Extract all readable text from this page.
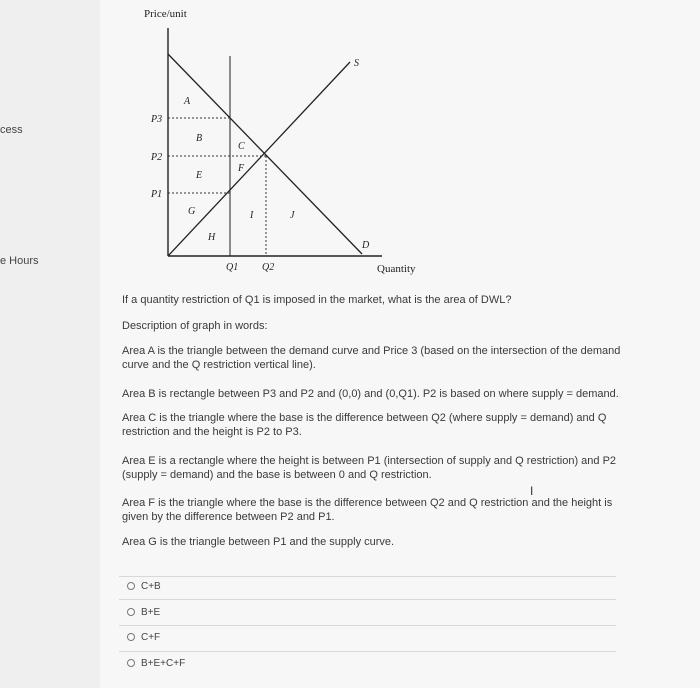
cess
e Hours
Price/unit
P3
P2
P1
Q1 Q2	Quantity
S
D
A
B
C
E
F
G
H
I	J

If a quantity restriction of Q1 is imposed in the market, what is the area of DWL?

Description of graph in words:

Area A is the triangle between the demand curve and Price 3 (based on the intersection of the demand curve and the Q restriction vertical line).

Area B is rectangle between P3 and P2 and (0,0) and (0,Q1). P2 is based on where supply = demand.

Area C is the triangle where the base is the difference between Q2 (where supply = demand) and Q restriction and the height is P2 to P3.

Area E is a rectangle where the height is between P1 (intersection of supply and Q restriction) and P2 (supply = demand) and the base is between 0 and Q restriction.

Area F is the triangle where the base is the difference between Q2 and Q restriction and the height is given by the difference between P2 and P1.

Area G is the triangle between P1 and the supply curve.

I
C+B
B+E
C+F
B+E+C+F
